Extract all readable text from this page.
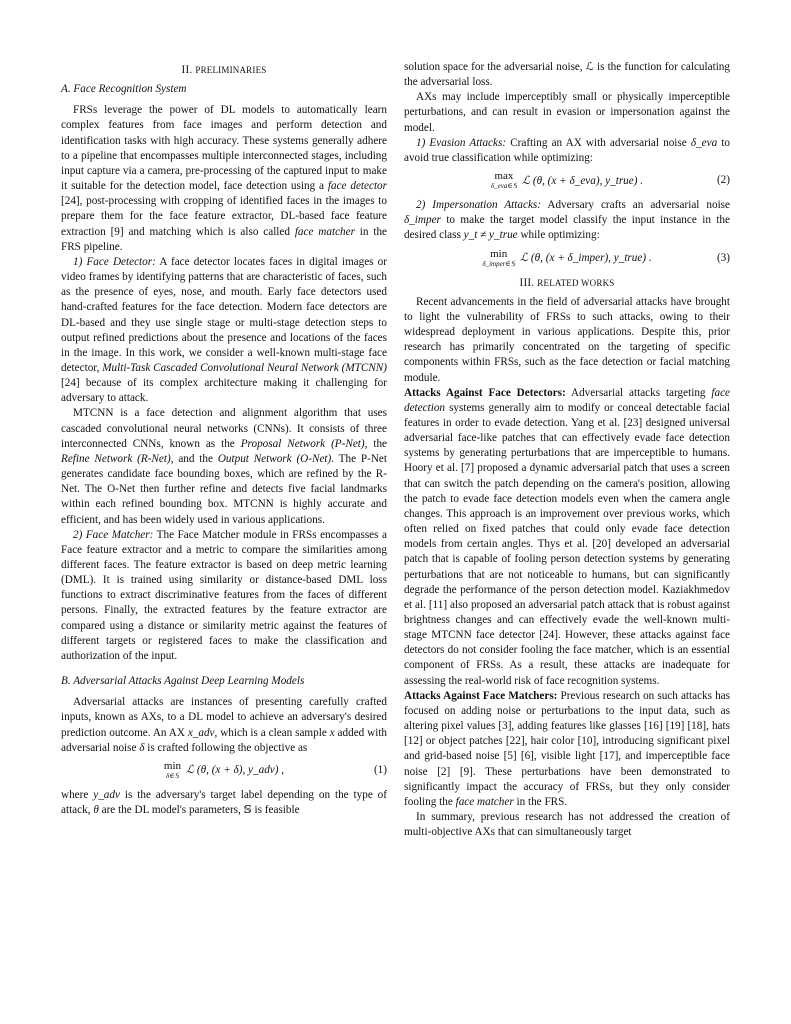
II. PRELIMINARIES
A. Face Recognition System

FRSs leverage the power of DL models to automatically learn complex features from face images and perform detection and identification tasks with high accuracy. These systems generally adhere to a pipeline that encompasses multiple interconnected stages, including input capture via a camera, pre-processing of the captured input to make it suitable for the detection model, face detection using a face detector [24], post-processing with cropping of identified faces in the images to prepare them for the face feature extractor, DL-based face feature extraction [9] and matching which is also called face matcher in the FRS pipeline.

1) Face Detector: A face detector locates faces in digital images or video frames by identifying patterns that are characteristic of faces, such as the presence of eyes, nose, and mouth. Early face detectors used hand-crafted features for the face detection. Modern face detectors are DL-based and they use single stage or multi-stage detection steps to output refined predictions about the presence and locations of the faces in the image. In this work, we consider a well-known multi-stage face detector, Multi-Task Cascaded Convolutional Neural Network (MTCNN) [24] because of its complex architecture making it challenging for adversary to attack.

MTCNN is a face detection and alignment algorithm that uses cascaded convolutional neural networks (CNNs). It consists of three interconnected CNNs, known as the Proposal Network (P-Net), the Refine Network (R-Net), and the Output Network (O-Net). The P-Net generates candidate face bounding boxes, which are refined by the R-Net. The O-Net then further refine and detects five facial landmarks within each refined bounding box. MTCNN is highly accurate and efficient, and has been widely used in various applications.

2) Face Matcher: The Face Matcher module in FRSs encompasses a Face feature extractor and a metric to compare the similarities among different faces. The feature extractor is based on deep metric learning (DML). It is trained using similarity or distance-based DML loss functions to extract discriminative features from the faces of different persons. Finally, the extracted features by the feature extractor are compared using a distance or similarity metric against the features of different targets or registered faces to make the classification and authorization of the input.

B. Adversarial Attacks Against Deep Learning Models

Adversarial attacks are instances of presenting carefully crafted inputs, known as AXs, to a DL model to achieve an adversary's desired prediction outcome. An AX x_adv, which is a clean sample x added with adversarial noise δ is crafted following the objective as

min
δ∈𝕊 ℒ (θ, (x + δ), y_adv) ,	(1)

where y_adv is the adversary's target label depending on the type of attack, θ are the DL model's parameters, 𝕊 is feasible

solution space for the adversarial noise, ℒ is the function for calculating the adversarial loss.

AXs may include imperceptibly small or physically imperceptible perturbations, and can result in evasion or impersonation against the model.

1) Evasion Attacks: Crafting an AX with adversarial noise δ_eva to avoid true classification while optimizing:

max
δ_eva∈𝕊 ℒ (θ, (x + δ_eva), y_true) .	(2)

2) Impersonation Attacks: Adversary crafts an adversarial noise δ_imper to make the target model classify the input instance in the desired class y_t ≠ y_true while optimizing:

min
δ_imper∈𝕊 ℒ (θ, (x + δ_imper), y_true) .	(3)
III. RELATED WORKS

Recent advancements in the field of adversarial attacks have brought to light the vulnerability of FRSs to such attacks, owing to their widespread deployment in various applications. Despite this, prior research has primarily concentrated on the targeting of specific components within FRSs, such as the face detection or facial matching module.

Attacks Against Face Detectors: Adversarial attacks targeting face detection systems generally aim to modify or conceal detectable facial features in order to evade detection. Yang et al. [23] designed universal adversarial face-like patches that can effectively evade face detection systems by generating perturbations that are imperceptible to humans. Hoory et al. [7] proposed a dynamic adversarial patch that uses a screen that can switch the patch depending on the camera's position, allowing the patch to evade face detection models even when the camera angle changes. This approach is an improvement over previous works, which often relied on fixed patches that could only evade face detection models from certain angles. Thys et al. [20] developed an adversarial patch that is capable of fooling person detection systems by generating perturbations that are not noticeable to humans, but can significantly degrade the performance of the person detection model. Kaziakhmedov et al. [11] also proposed an adversarial patch attack that is robust against brightness changes and can effectively evade the well-known multi-stage MTCNN face detector [24]. However, these attacks against face detectors do not consider fooling the face matcher, which is an essential component of FRSs. As a result, these attacks are inadequate for assessing the real-world risk of face recognition systems.

Attacks Against Face Matchers: Previous research on such attacks has focused on adding noise or perturbations to the input data, such as altering pixel values [3], adding features like glasses [16] [19] [18], hats [12] or object patches [22], hair color [10], introducing significant pixel and grid-based noise [5] [6], visible light [17], and imperceptible face noise [2] [9]. These perturbations have been demonstrated to significantly impact the accuracy of FRSs, but they only consider fooling the face matcher in the FRS.

In summary, previous research has not addressed the creation of multi-objective AXs that can simultaneously target
